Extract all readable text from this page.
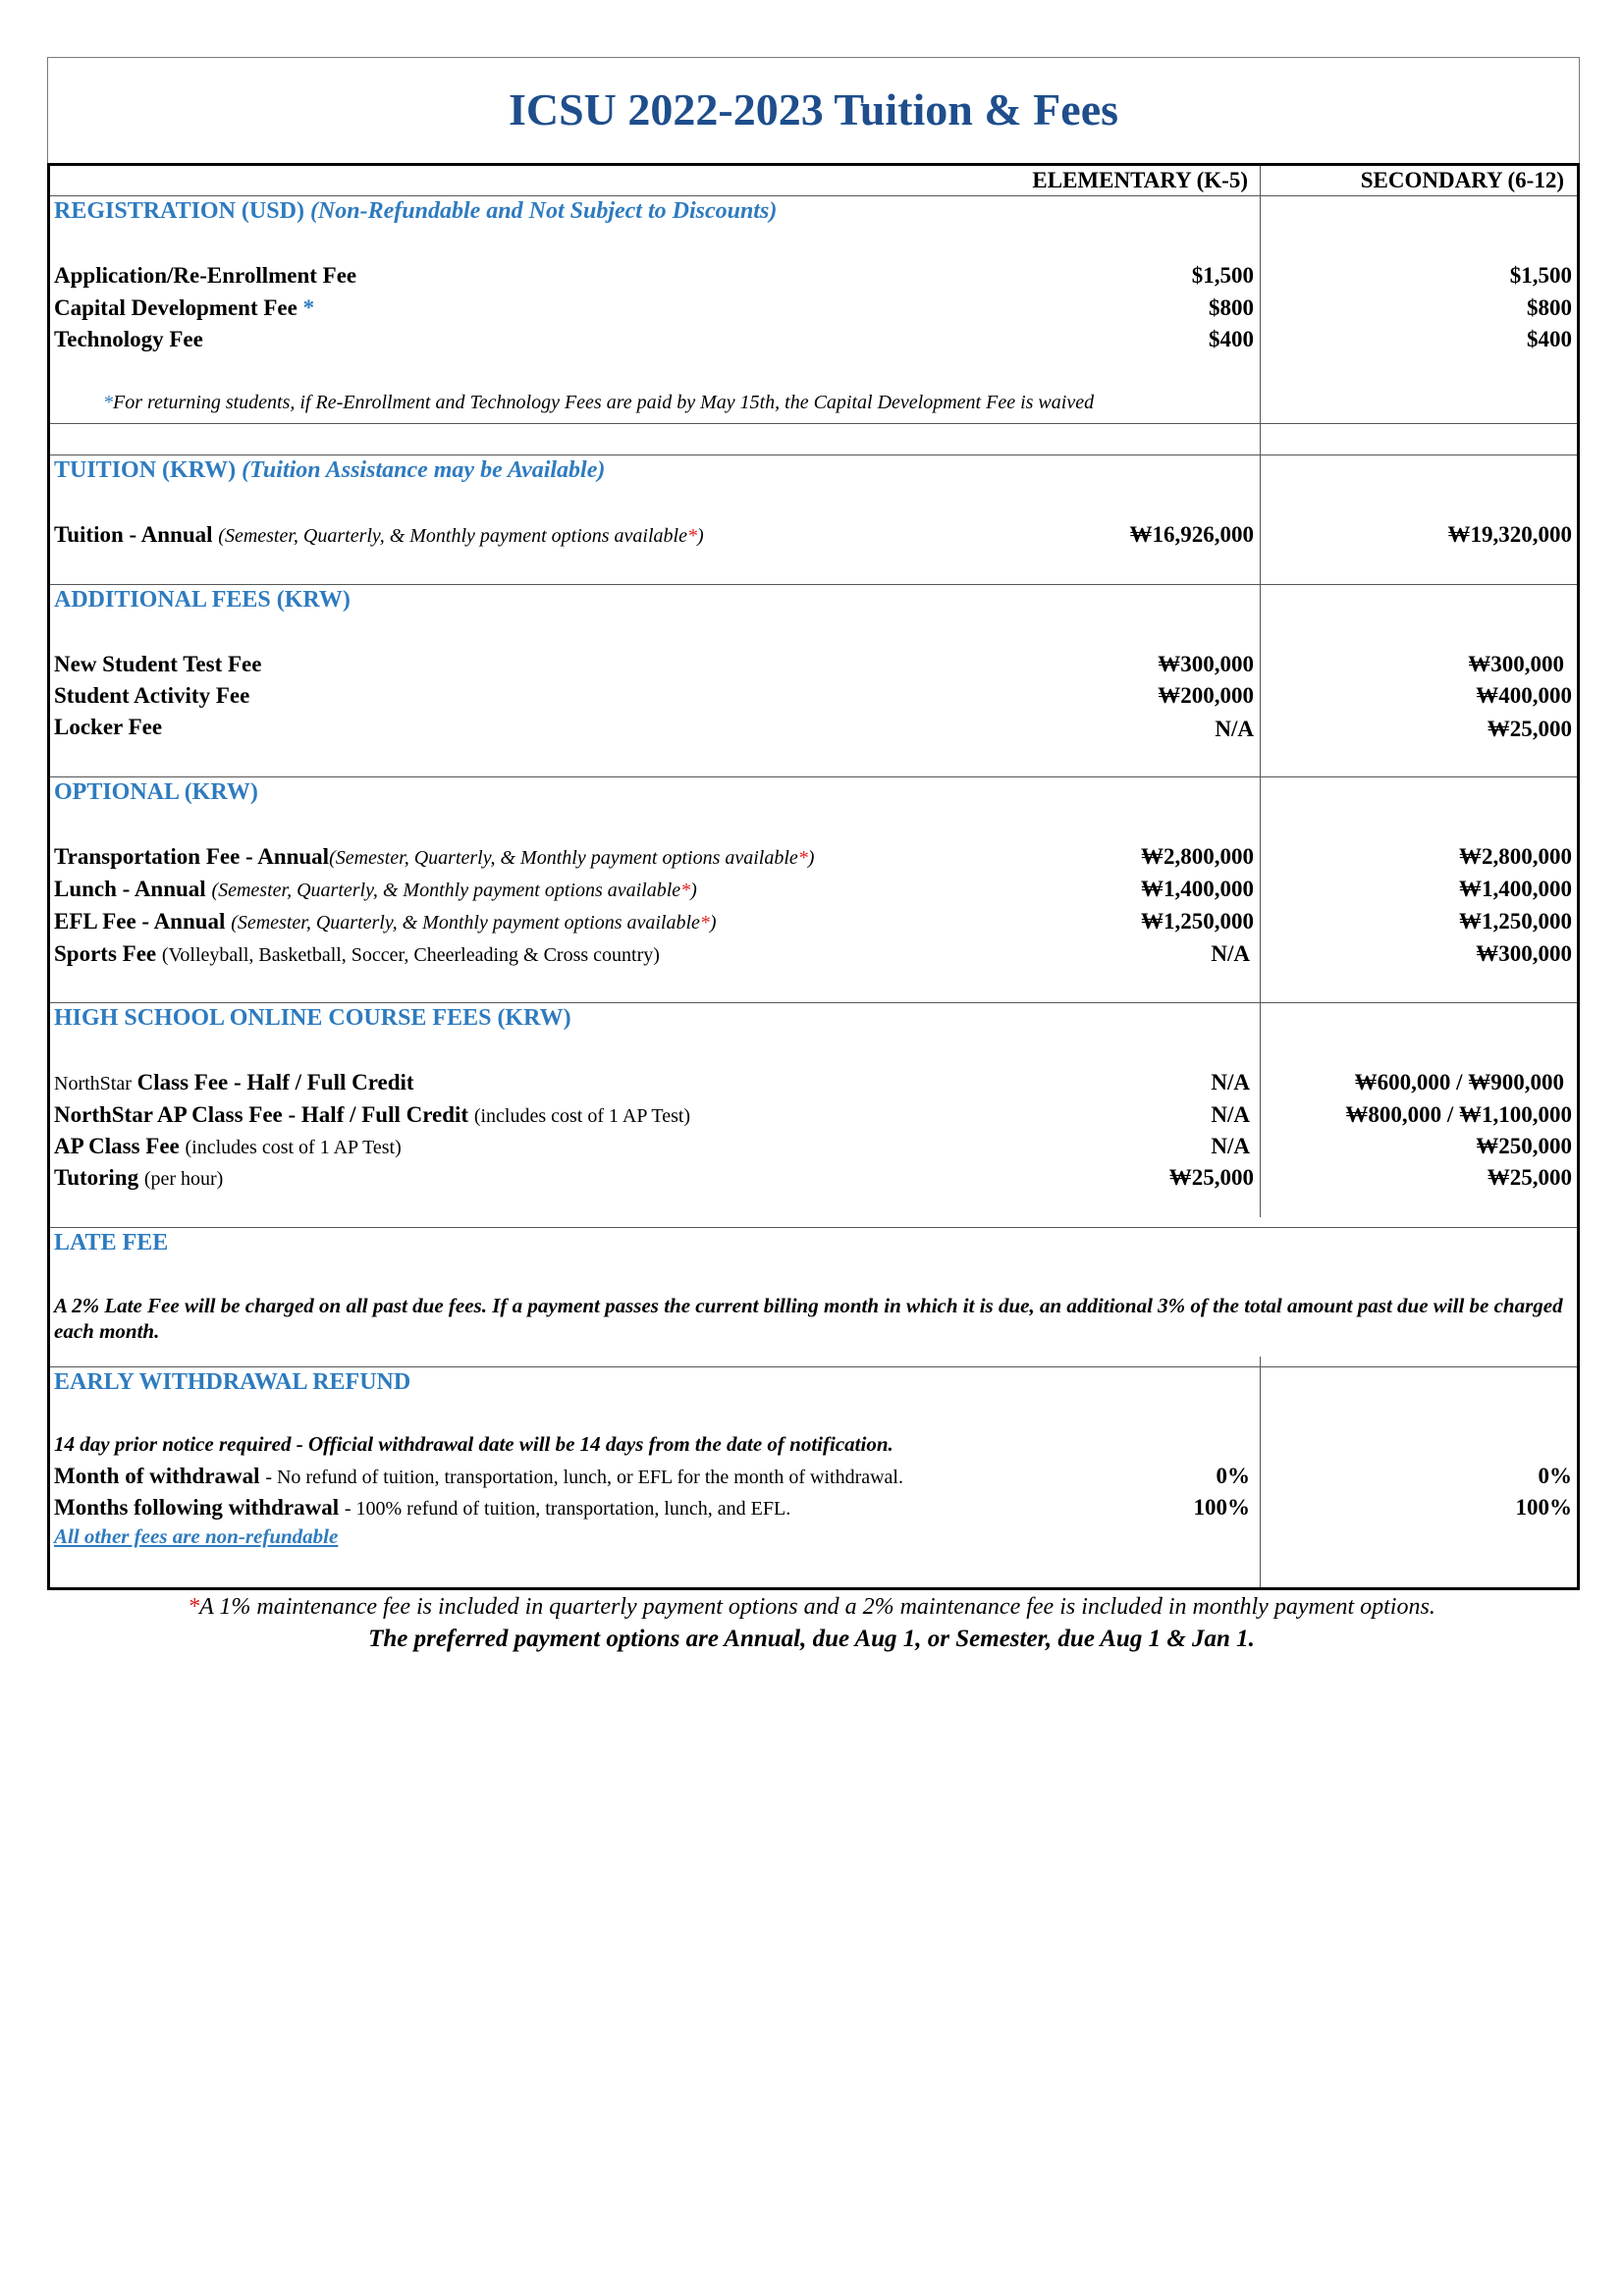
ICSU 2022-2023 Tuition & Fees
ELEMENTARY (K-5)	SECONDARY (6-12)
REGISTRATION (USD) (Non-Refundable and Not Subject to Discounts)
Application/Re-Enrollment Fee	$1,500	$1,500
Capital Development Fee *	$800	$800
Technology Fee	$400	$400
*For returning students, if Re-Enrollment and Technology Fees are paid by May 15th, the Capital Development Fee is waived
TUITION (KRW) (Tuition Assistance may be Available)
Tuition - Annual (Semester, Quarterly, & Monthly payment options available*)	₩16,926,000	₩19,320,000
ADDITIONAL FEES (KRW)
New Student Test Fee	₩300,000	₩300,000
Student Activity Fee	₩200,000	₩400,000
Locker Fee	N/A	₩25,000
OPTIONAL (KRW)
Transportation Fee - Annual(Semester, Quarterly, & Monthly payment options available*)	₩2,800,000	₩2,800,000
Lunch - Annual (Semester, Quarterly, & Monthly payment options available*)	₩1,400,000	₩1,400,000
EFL Fee - Annual (Semester, Quarterly, & Monthly payment options available*)	₩1,250,000	₩1,250,000
Sports Fee (Volleyball, Basketball, Soccer, Cheerleading & Cross country)	N/A	₩300,000
HIGH SCHOOL ONLINE COURSE FEES (KRW)
NorthStar Class Fee - Half / Full Credit	N/A	₩600,000 / ₩900,000
NorthStar AP Class Fee - Half / Full Credit (includes cost of 1 AP Test)	N/A	₩800,000 / ₩1,100,000
AP Class Fee (includes cost of 1 AP Test)	N/A	₩250,000
Tutoring (per hour)	₩25,000	₩25,000
LATE FEE
A 2% Late Fee will be charged on all past due fees. If a payment passes the current billing month in which it is due, an additional 3% of the total amount past due will be charged each month.
EARLY WITHDRAWAL REFUND
14 day prior notice required - Official withdrawal date will be 14 days from the date of notification.
Month of withdrawal - No refund of tuition, transportation, lunch, or EFL for the month of withdrawal.	0%	0%
Months following withdrawal - 100% refund of tuition, transportation, lunch, and EFL.	100%	100%
All other fees are non-refundable
*A 1% maintenance fee is included in quarterly payment options and a 2% maintenance fee is included in monthly payment options.
The preferred payment options are Annual, due Aug 1, or Semester, due Aug 1 & Jan 1.
